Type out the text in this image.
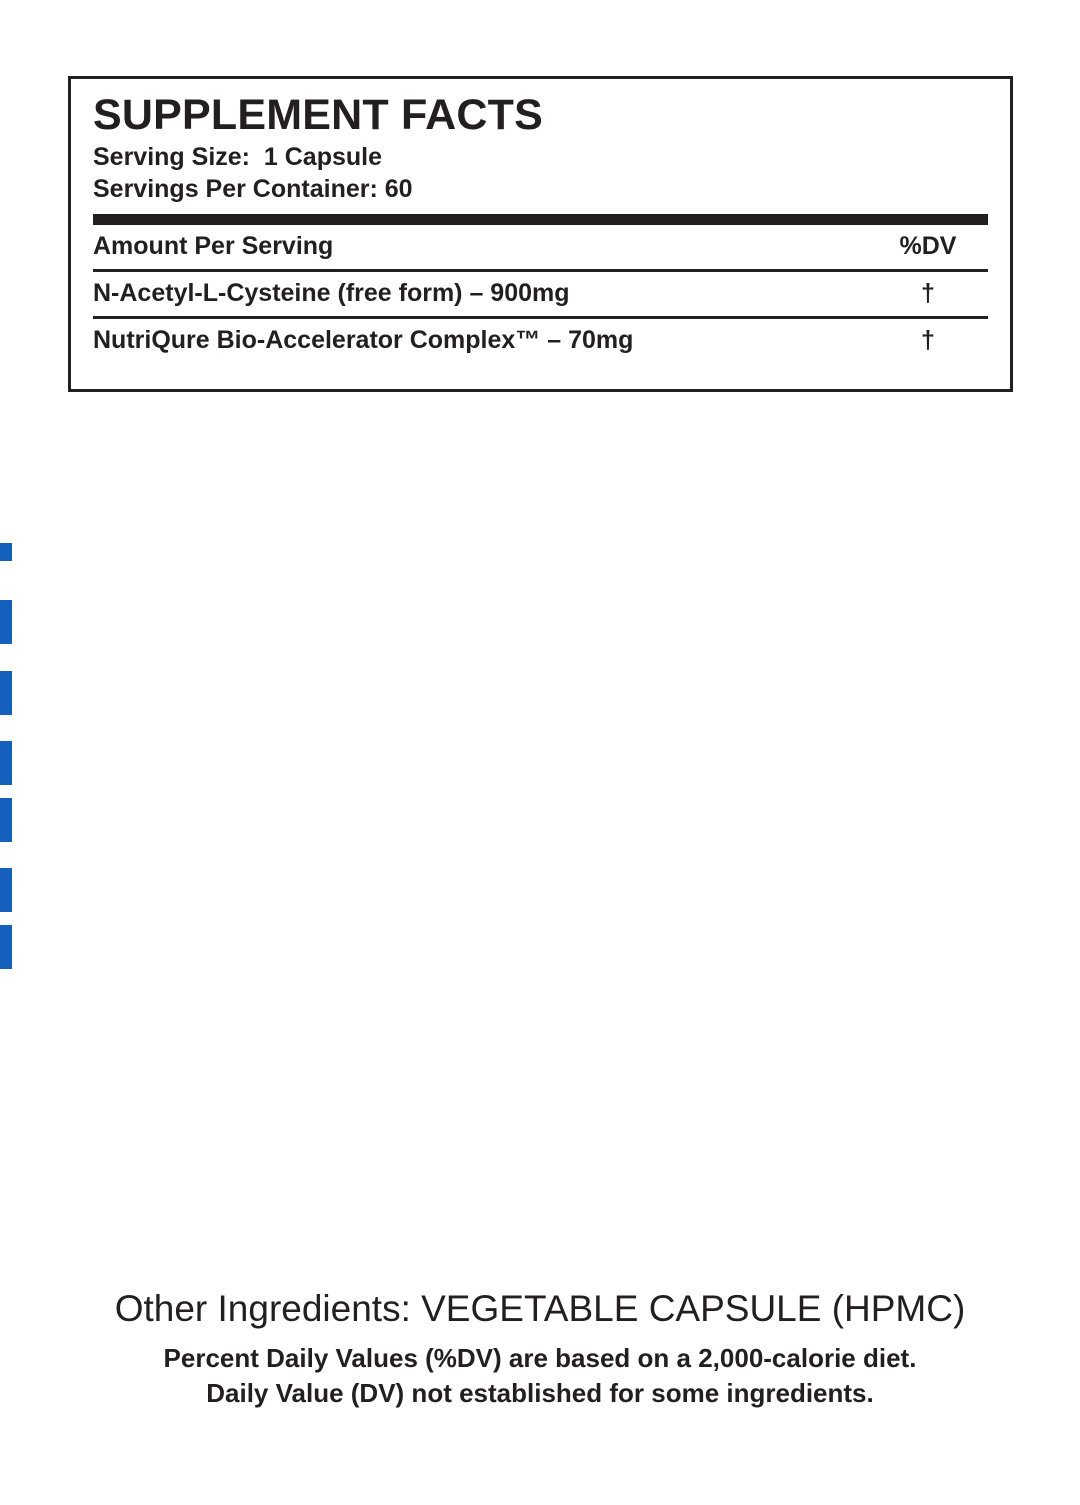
SUPPLEMENT FACTS
Serving Size:  1 Capsule
Servings Per Container: 60
Amount Per Serving	%DV
N-Acetyl-L-Cysteine (free form) – 900mg	†
NutriQure Bio-Accelerator Complex™ – 70mg	†
Other Ingredients: VEGETABLE CAPSULE (HPMC)
Percent Daily Values (%DV) are based on a 2,000-calorie diet.
Daily Value (DV) not established for some ingredients.
